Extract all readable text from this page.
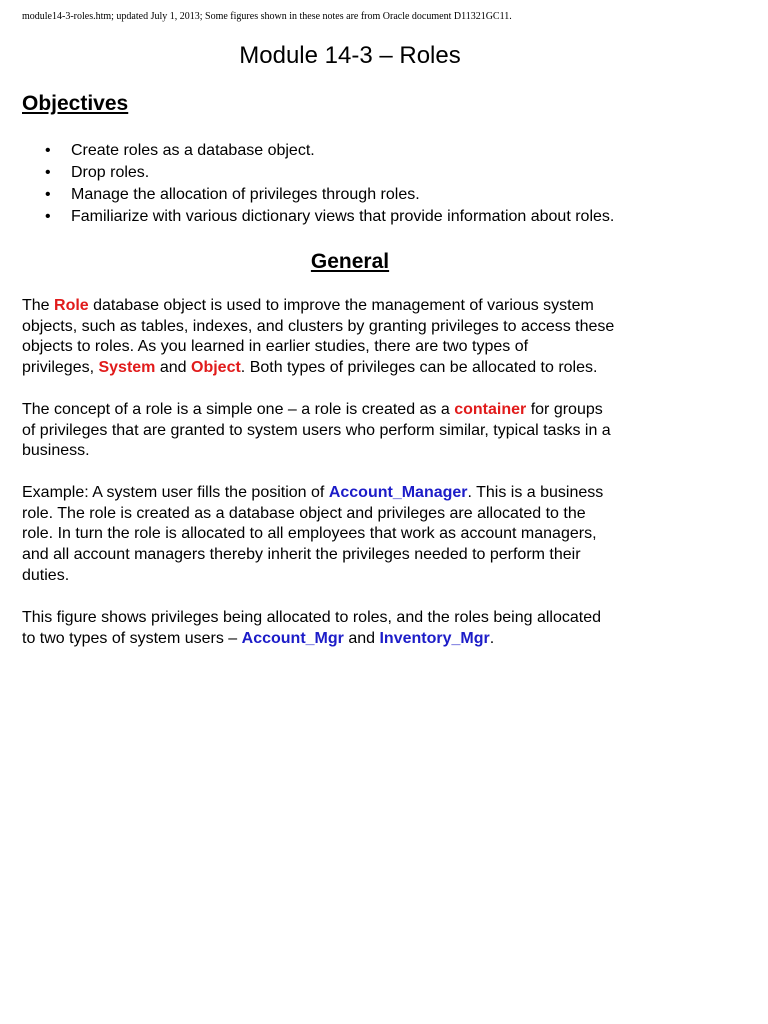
module14-3-roles.htm; updated July 1, 2013; Some figures shown in these notes are from Oracle document D11321GC11.
Module 14-3 – Roles
Objectives
• Create roles as a database object.
• Drop roles.
• Manage the allocation of privileges through roles.
• Familiarize with various dictionary views that provide information about roles.
General

The Role database object is used to improve the management of various system
objects, such as tables, indexes, and clusters by granting privileges to access these
objects to roles. As you learned in earlier studies, there are two types of
privileges, System and Object. Both types of privileges can be allocated to roles.

The concept of a role is a simple one – a role is created as a container for groups
of privileges that are granted to system users who perform similar, typical tasks in a
business.

Example: A system user fills the position of Account_Manager. This is a business
role. The role is created as a database object and privileges are allocated to the
role. In turn the role is allocated to all employees that work as account managers,
and all account managers thereby inherit the privileges needed to perform their
duties.

This figure shows privileges being allocated to roles, and the roles being allocated
to two types of system users – Account_Mgr and Inventory_Mgr.
